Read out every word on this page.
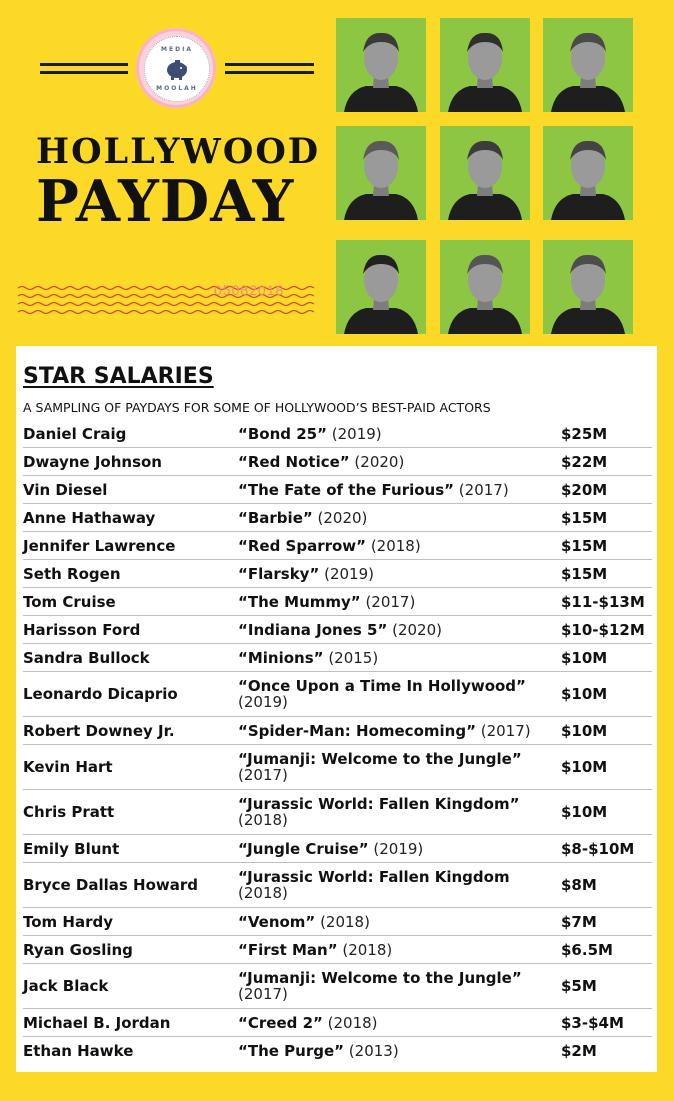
MEDIA
MOOLAH
HOLLYWOOD
PAYDAY
05082018
STAR SALARIES
A SAMPLING OF PAYDAYS FOR SOME OF HOLLYWOOD’S BEST-PAID ACTORS
Daniel Craig	“Bond 25” (2019)	$25M
Dwayne Johnson	“Red Notice” (2020)	$22M
Vin Diesel	“The Fate of the Furious” (2017)	$20M
Anne Hathaway	“Barbie” (2020)	$15M
Jennifer Lawrence	“Red Sparrow” (2018)	$15M
Seth Rogen	“Flarsky” (2019)	$15M
Tom Cruise	“The Mummy” (2017)	$11-$13M
Harisson Ford	“Indiana Jones 5” (2020)	$10-$12M
Sandra Bullock	“Minions” (2015)	$10M
Leonardo Dicaprio	“Once Upon a Time In Hollywood”
(2019)	$10M
Robert Downey Jr.	“Spider-Man: Homecoming” (2017) $10M
Kevin Hart	“Jumanji: Welcome to the Jungle”
(2017)	$10M
Chris Pratt	“Jurassic World: Fallen Kingdom”
(2018)	$10M
Emily Blunt	“Jungle Cruise” (2019)	$8-$10M
Bryce Dallas Howard	“Jurassic World: Fallen Kingdom
(2018)	$8M
Tom Hardy	“Venom” (2018)	$7M
Ryan Gosling	“First Man” (2018)	$6.5M
Jack Black	“Jumanji: Welcome to the Jungle”
(2017)	$5M
Michael B. Jordan	“Creed 2” (2018)	$3-$4M
Ethan Hawke	“The Purge” (2013)	$2M
